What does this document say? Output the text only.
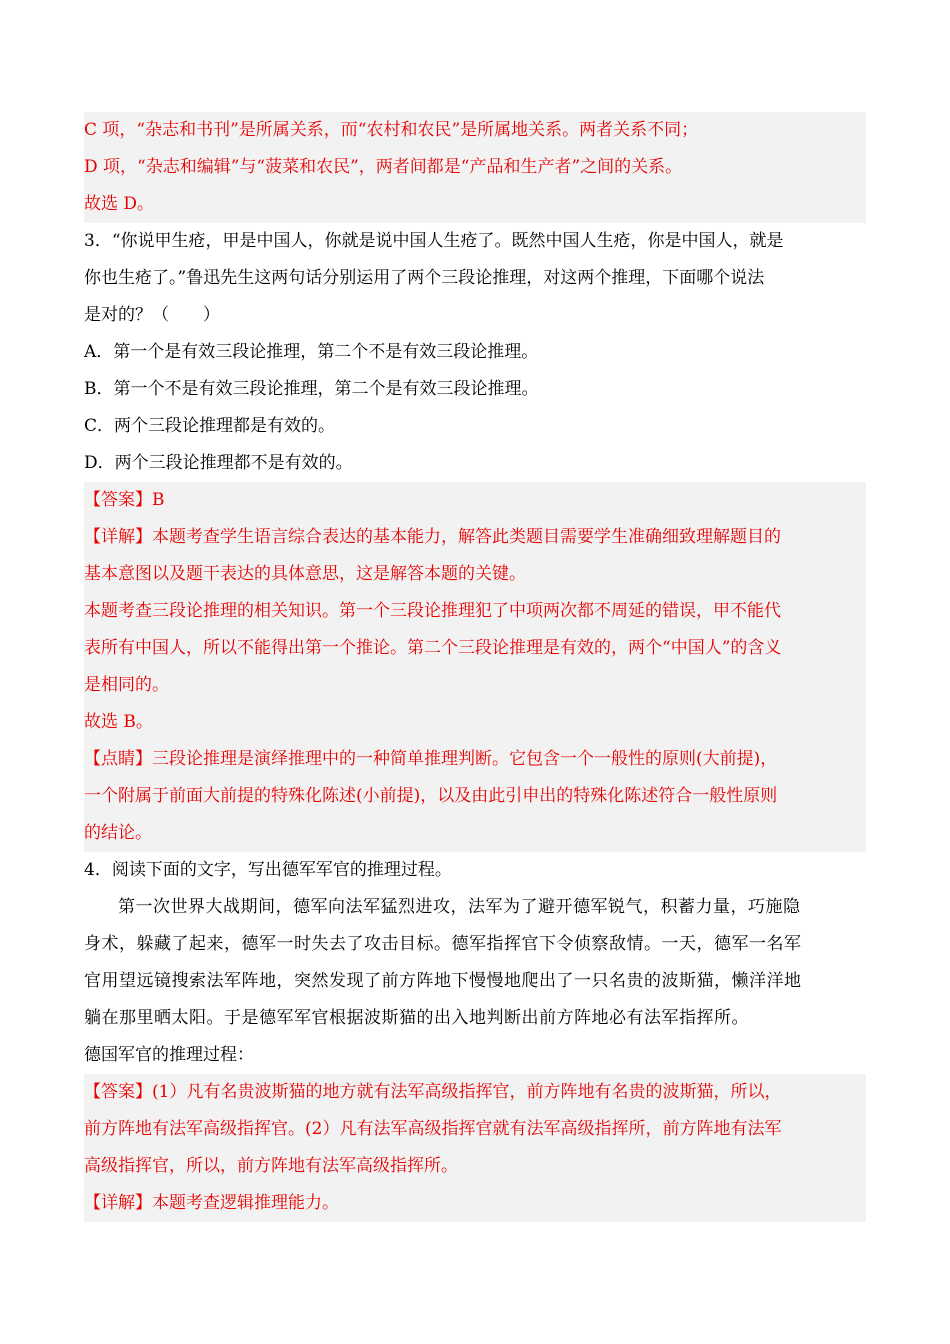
C 项，“杂志和书刊”是所属关系，而“农村和农民”是所属地关系。两者关系不同；
D 项，“杂志和编辑”与“菠菜和农民”，两者间都是“产品和生产者”之间的关系。
故选 D。
3．“你说甲生疮，甲是中国人，你就是说中国人生疮了。既然中国人生疮，你是中国人，就是
你也生疮了。”鲁迅先生这两句话分别运用了两个三段论推理，对这两个推理，下面哪个说法
是对的？（　　）
A．第一个是有效三段论推理，第二个不是有效三段论推理。
B．第一个不是有效三段论推理，第二个是有效三段论推理。
C．两个三段论推理都是有效的。
D．两个三段论推理都不是有效的。
【答案】B
【详解】本题考查学生语言综合表达的基本能力，解答此类题目需要学生准确细致理解题目的
基本意图以及题干表达的具体意思，这是解答本题的关键。
本题考查三段论推理的相关知识。第一个三段论推理犯了中项两次都不周延的错误，甲不能代
表所有中国人，所以不能得出第一个推论。第二个三段论推理是有效的，两个“中国人”的含义
是相同的。
故选 B。
【点睛】三段论推理是演绎推理中的一种简单推理判断。它包含一个一般性的原则(大前提)，
一个附属于前面大前提的特殊化陈述(小前提)，以及由此引申出的特殊化陈述符合一般性原则
的结论。
4．阅读下面的文字，写出德军军官的推理过程。
第一次世界大战期间，德军向法军猛烈进攻，法军为了避开德军锐气，积蓄力量，巧施隐
身术，躲藏了起来，德军一时失去了攻击目标。德军指挥官下令侦察敌情。一天，德军一名军
官用望远镜搜索法军阵地，突然发现了前方阵地下慢慢地爬出了一只名贵的波斯猫，懒洋洋地
躺在那里晒太阳。于是德军军官根据波斯猫的出入地判断出前方阵地必有法军指挥所。
德国军官的推理过程：
【答案】(1）凡有名贵波斯猫的地方就有法军高级指挥官，前方阵地有名贵的波斯猫，所以，
前方阵地有法军高级指挥官。(2）凡有法军高级指挥官就有法军高级指挥所，前方阵地有法军
高级指挥官，所以，前方阵地有法军高级指挥所。
【详解】本题考查逻辑推理能力。
